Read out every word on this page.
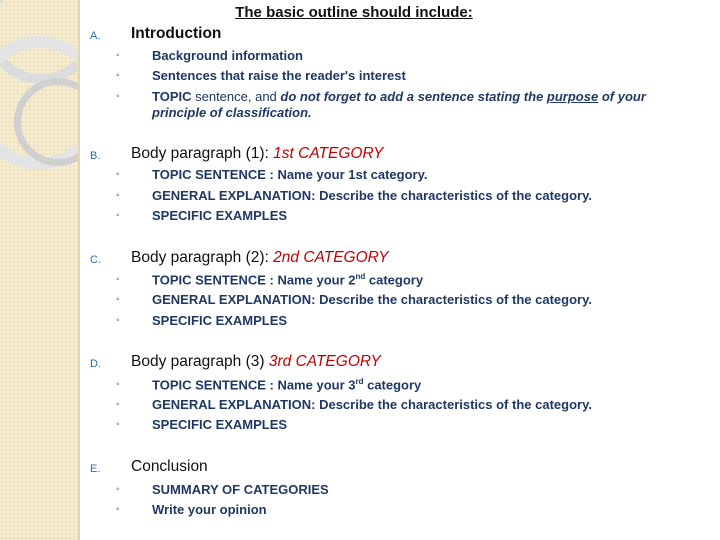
The basic outline should include:
A. Introduction
◦ Background information
◦ Sentences that raise the reader's interest
◦ TOPIC sentence, and do not forget to add a sentence stating the purpose of your principle of classification.
B. Body paragraph (1): 1st CATEGORY
◦ TOPIC SENTENCE : Name your 1st category.
◦ GENERAL EXPLANATION: Describe the characteristics of the category.
◦ SPECIFIC EXAMPLES
C. Body paragraph (2): 2nd CATEGORY
◦ TOPIC SENTENCE : Name your 2nd category
◦ GENERAL EXPLANATION: Describe the characteristics of the category.
◦ SPECIFIC EXAMPLES
D. Body paragraph (3) 3rd CATEGORY
◦ TOPIC SENTENCE : Name your 3rd category
◦ GENERAL EXPLANATION: Describe the characteristics of the category.
◦ SPECIFIC EXAMPLES
E. Conclusion
◦ SUMMARY OF CATEGORIES
◦ Write your opinion
